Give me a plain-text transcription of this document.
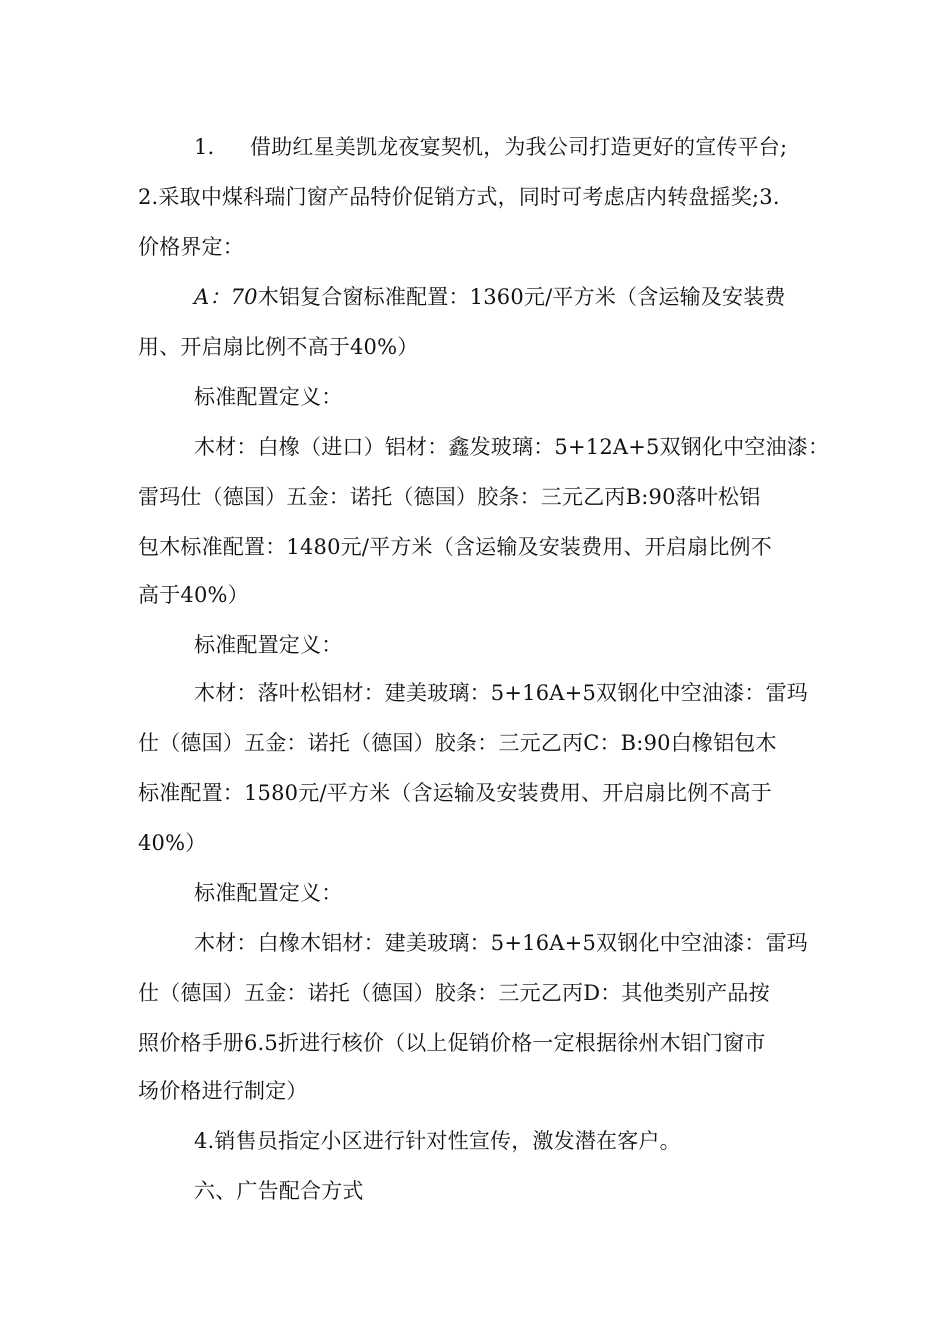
1. 借助红星美凯龙夜宴契机，为我公司打造更好的宣传平台;
2.采取中煤科瑞门窗产品特价促销方式，同时可考虑店内转盘摇奖;3.
价格界定：
A：70木铝复合窗标准配置：1360元/平方米（含运输及安装费
用、开启扇比例不高于40%）
标准配置定义：
木材：白橡（进口）铝材：鑫发玻璃：5+12A+5双钢化中空油漆：
雷玛仕（德国）五金：诺托（德国）胶条：三元乙丙B:90落叶松铝
包木标准配置：1480元/平方米（含运输及安装费用、开启扇比例不
高于40%）
标准配置定义：
木材：落叶松铝材：建美玻璃：5+16A+5双钢化中空油漆：雷玛
仕（德国）五金：诺托（德国）胶条：三元乙丙C：B:90白橡铝包木
标准配置：1580元/平方米（含运输及安装费用、开启扇比例不高于
40%）
标准配置定义：
木材：白橡木铝材：建美玻璃：5+16A+5双钢化中空油漆：雷玛
仕（德国）五金：诺托（德国）胶条：三元乙丙D：其他类别产品按
照价格手册6.5折进行核价（以上促销价格一定根据徐州木铝门窗市
场价格进行制定）
4.销售员指定小区进行针对性宣传，激发潜在客户。
六、广告配合方式
